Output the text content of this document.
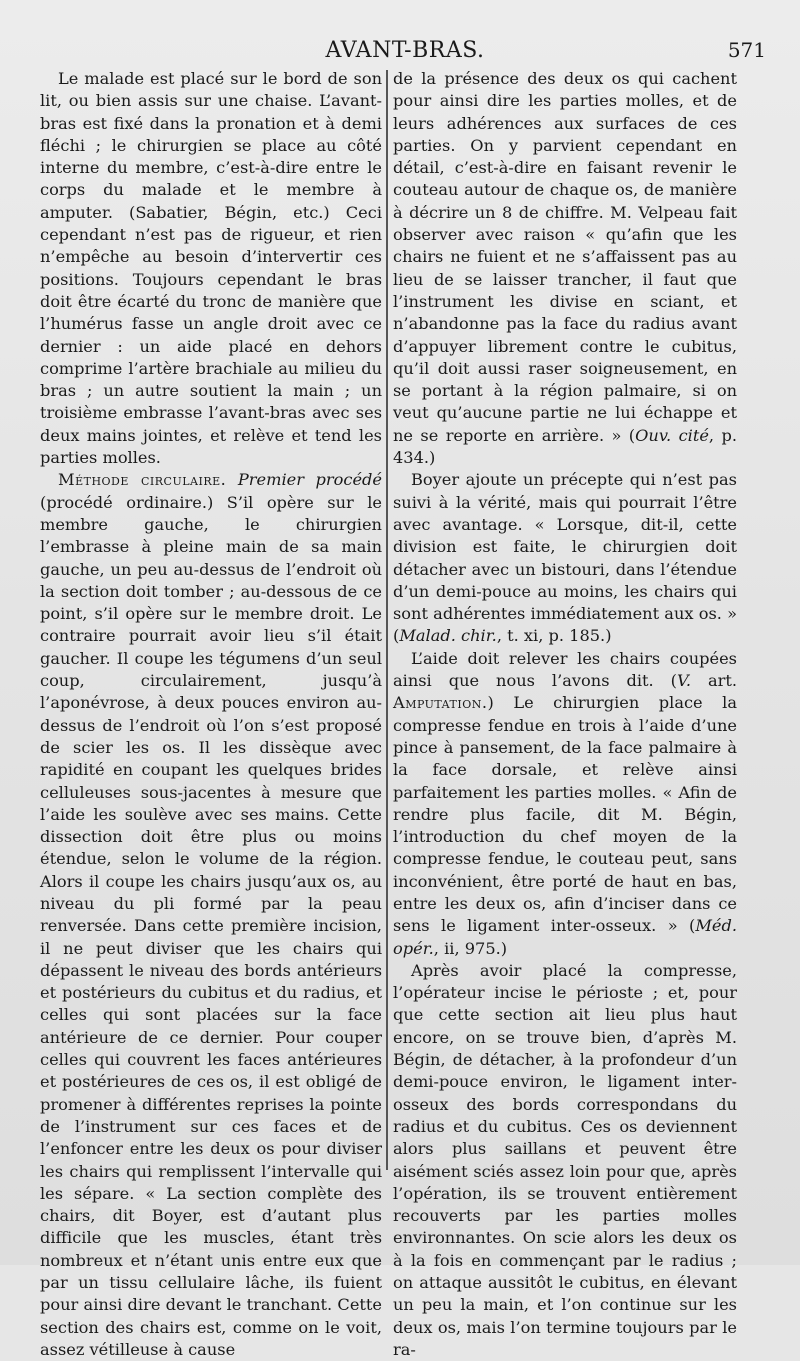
AVANT-BRAS.	571

Le malade est placé sur le bord de son lit, ou bien assis sur une chaise. L’avant-bras est fixé dans la pronation et à demi fléchi ; le chirurgien se place au côté interne du membre, c’est-à-dire entre le corps du malade et le membre à amputer. (Sabatier, Bégin, etc.) Ceci cependant n’est pas de rigueur, et rien n’empêche au besoin d’intervertir ces positions. Toujours cependant le bras doit être écarté du tronc de manière que l’humérus fasse un angle droit avec ce dernier : un aide placé en dehors comprime l’artère brachiale au milieu du bras ; un autre soutient la main ; un troisième embrasse l’avant-bras avec ses deux mains jointes, et relève et tend les parties molles.

Méthode circulaire. Premier procédé (procédé ordinaire.) S’il opère sur le membre gauche, le chirurgien l’embrasse à pleine main de sa main gauche, un peu au-dessus de l’endroit où la section doit tomber ; au-dessous de ce point, s’il opère sur le membre droit. Le contraire pourrait avoir lieu s’il était gaucher. Il coupe les tégumens d’un seul coup, circulairement, jusqu’à l’aponévrose, à deux pouces environ au-dessus de l’endroit où l’on s’est proposé de scier les os. Il les dissèque avec rapidité en coupant les quelques brides celluleuses sous-jacentes à mesure que l’aide les soulève avec ses mains. Cette dissection doit être plus ou moins étendue, selon le volume de la région. Alors il coupe les chairs jusqu’aux os, au niveau du pli formé par la peau renversée. Dans cette première incision, il ne peut diviser que les chairs qui dépassent le niveau des bords antérieurs et postérieurs du cubitus et du radius, et celles qui sont placées sur la face antérieure de ce dernier. Pour couper celles qui couvrent les faces antérieures et postérieures de ces os, il est obligé de promener à différentes reprises la pointe de l’instrument sur ces faces et de l’enfoncer entre les deux os pour diviser les chairs qui remplissent l’intervalle qui les sépare. « La section complète des chairs, dit Boyer, est d’autant plus difficile que les muscles, étant très nombreux et n’étant unis entre eux que par un tissu cellulaire lâche, ils fuient pour ainsi dire devant le tranchant. Cette section des chairs est, comme on le voit, assez vétilleuse à cause

de la présence des deux os qui cachent pour ainsi dire les parties molles, et de leurs adhérences aux surfaces de ces parties. On y parvient cependant en détail, c’est-à-dire en faisant revenir le couteau autour de chaque os, de manière à décrire un 8 de chiffre. M. Velpeau fait observer avec raison « qu’afin que les chairs ne fuient et ne s’affaissent pas au lieu de se laisser trancher, il faut que l’instrument les divise en sciant, et n’abandonne pas la face du radius avant d’appuyer librement contre le cubitus, qu’il doit aussi raser soigneusement, en se portant à la région palmaire, si on veut qu’aucune partie ne lui échappe et ne se reporte en arrière. » (Ouv. cité, p. 434.)

Boyer ajoute un précepte qui n’est pas suivi à la vérité, mais qui pourrait l’être avec avantage. « Lorsque, dit-il, cette division est faite, le chirurgien doit détacher avec un bistouri, dans l’étendue d’un demi-pouce au moins, les chairs qui sont adhérentes immédiatement aux os. » (Malad. chir., t. xi, p. 185.)

L’aide doit relever les chairs coupées ainsi que nous l’avons dit. (V. art. Amputation.) Le chirurgien place la compresse fendue en trois à l’aide d’une pince à pansement, de la face palmaire à la face dorsale, et relève ainsi parfaitement les parties molles. « Afin de rendre plus facile, dit M. Bégin, l’introduction du chef moyen de la compresse fendue, le couteau peut, sans inconvénient, être porté de haut en bas, entre les deux os, afin d’inciser dans ce sens le ligament inter-osseux. » (Méd. opér., ii, 975.)

Après avoir placé la compresse, l’opérateur incise le périoste ; et, pour que cette section ait lieu plus haut encore, on se trouve bien, d’après M. Bégin, de détacher, à la profondeur d’un demi-pouce environ, le ligament inter-osseux des bords correspondans du radius et du cubitus. Ces os deviennent alors plus saillans et peuvent être aisément sciés assez loin pour que, après l’opération, ils se trouvent entièrement recouverts par les parties molles environnantes. On scie alors les deux os à la fois en commençant par le radius ; on attaque aussitôt le cubitus, en élevant un peu la main, et l’on continue sur les deux os, mais l’on termine toujours par le ra-
